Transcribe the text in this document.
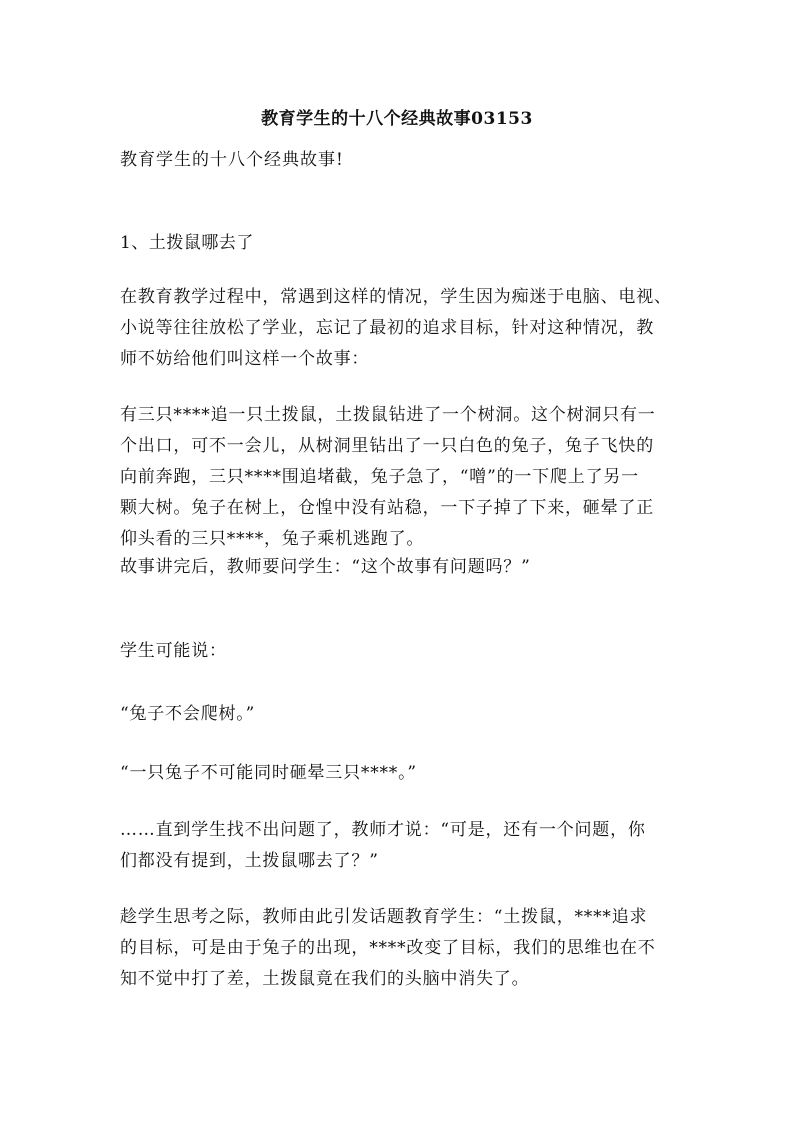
教育学生的十八个经典故事03153
教育学生的十八个经典故事!
1、土拨鼠哪去了

在教育教学过程中，常遇到这样的情况，学生因为痴迷于电脑、电视、
小说等往往放松了学业，忘记了最初的追求目标，针对这种情况，教
师不妨给他们叫这样一个故事：

有三只****追一只土拨鼠，土拨鼠钻进了一个树洞。这个树洞只有一
个出口，可不一会儿，从树洞里钻出了一只白色的兔子，兔子飞快的
向前奔跑，三只****围追堵截，兔子急了，“噌”的一下爬上了另一
颗大树。兔子在树上，仓惶中没有站稳，一下子掉了下来，砸晕了正
仰头看的三只****，兔子乘机逃跑了。

故事讲完后，教师要问学生：“这个故事有问题吗？”

学生可能说：

“兔子不会爬树。”

“一只兔子不可能同时砸晕三只****。”

……直到学生找不出问题了，教师才说：“可是，还有一个问题，你
们都没有提到，土拨鼠哪去了？”

趁学生思考之际，教师由此引发话题教育学生：“土拨鼠，****追求
的目标，可是由于兔子的出现，****改变了目标，我们的思维也在不
知不觉中打了差，土拨鼠竟在我们的头脑中消失了。
